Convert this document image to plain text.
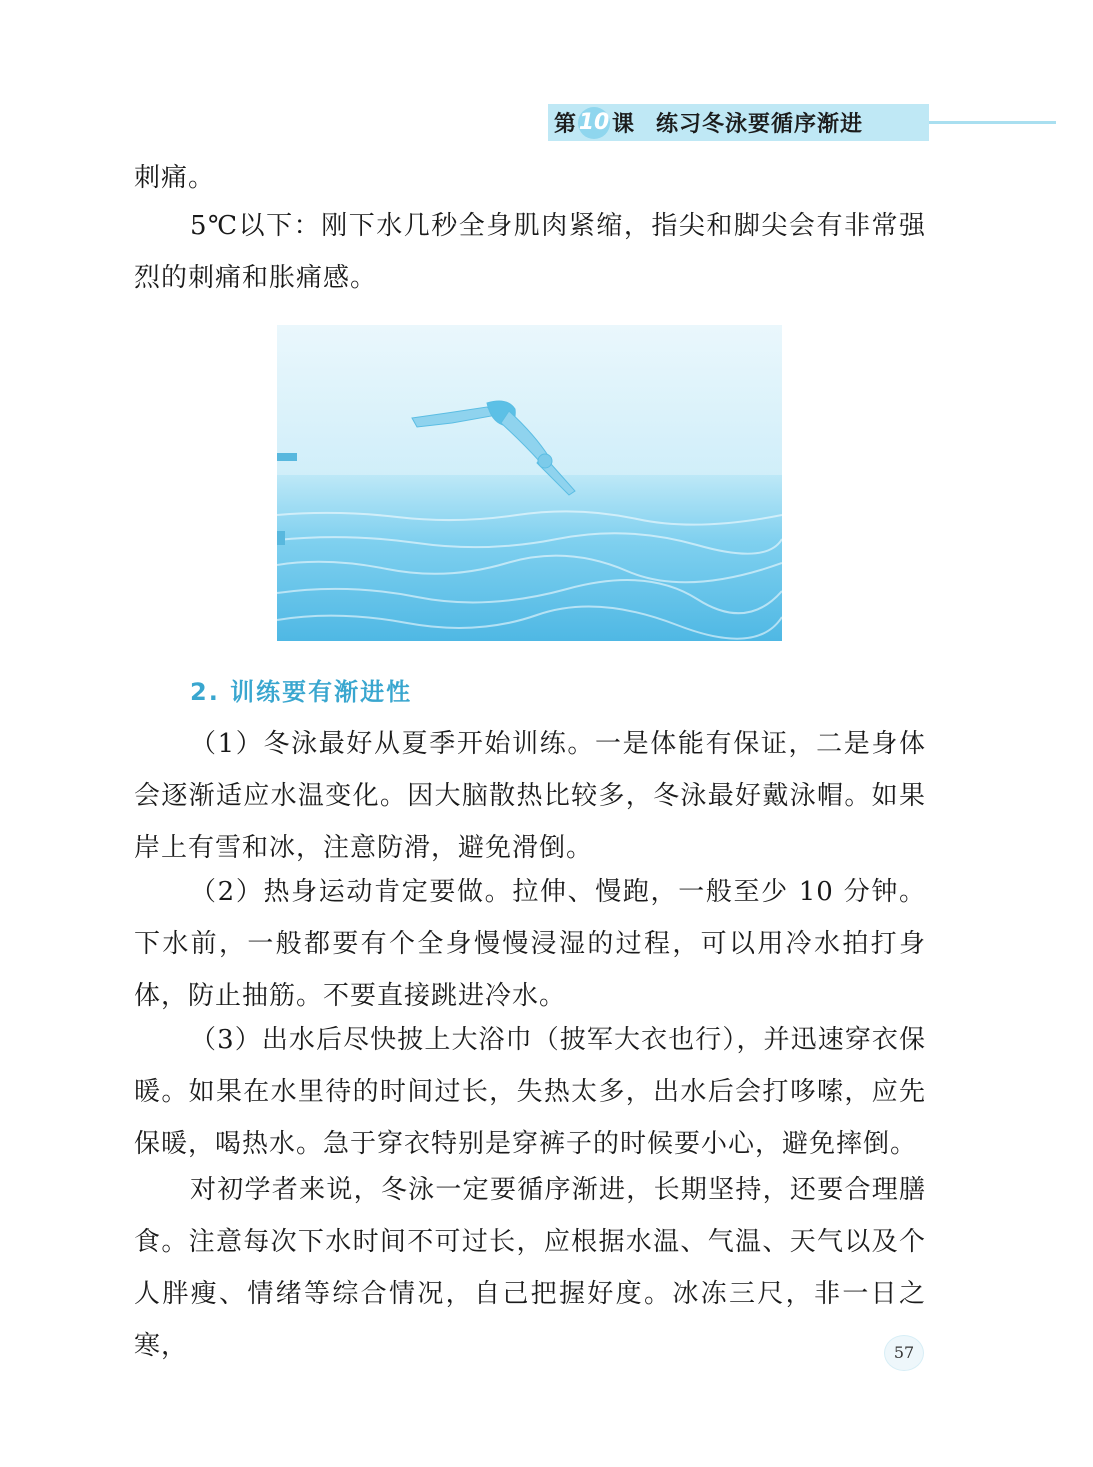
第 10 课 练习冬泳要循序渐进

刺痛。

5℃以下：刚下水几秒全身肌肉紧缩，指尖和脚尖会有非常强烈的刺痛和胀痛感。

2. 训练要有渐进性

（1）冬泳最好从夏季开始训练。一是体能有保证，二是身体会逐渐适应水温变化。因大脑散热比较多，冬泳最好戴泳帽。如果岸上有雪和冰，注意防滑，避免滑倒。

（2）热身运动肯定要做。拉伸、慢跑，一般至少 10 分钟。下水前，一般都要有个全身慢慢浸湿的过程，可以用冷水拍打身体，防止抽筋。不要直接跳进冷水。

（3）出水后尽快披上大浴巾（披军大衣也行），并迅速穿衣保暖。如果在水里待的时间过长，失热太多，出水后会打哆嗦，应先保暖，喝热水。急于穿衣特别是穿裤子的时候要小心，避免摔倒。

对初学者来说，冬泳一定要循序渐进，长期坚持，还要合理膳食。注意每次下水时间不可过长，应根据水温、气温、天气以及个人胖瘦、情绪等综合情况，自己把握好度。冰冻三尺，非一日之寒，	57
